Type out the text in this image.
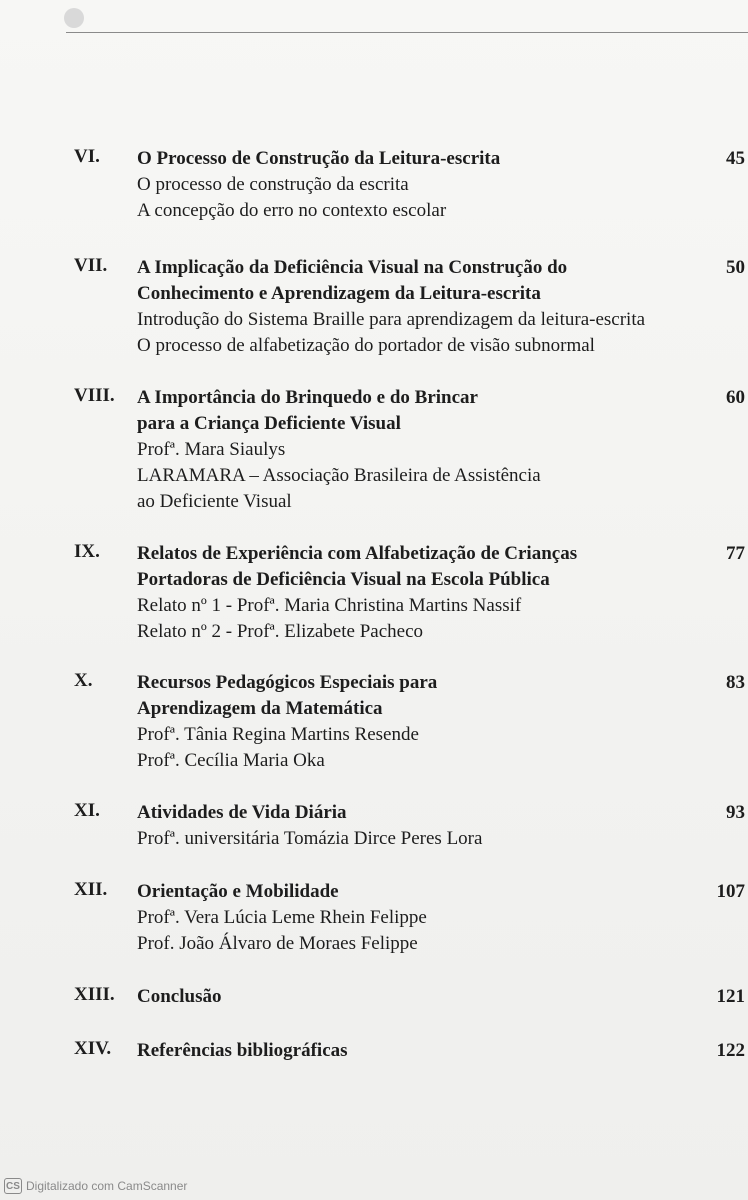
VI. O Processo de Construção da Leitura-escrita
O processo de construção da escrita
A concepção do erro no contexto escolar
45
VII. A Implicação da Deficiência Visual na Construção do
Conhecimento e Aprendizagem da Leitura-escrita
Introdução do Sistema Braille para aprendizagem da leitura-escrita
O processo de alfabetização do portador de visão subnormal
50
VIII. A Importância do Brinquedo e do Brincar
para a Criança Deficiente Visual
Profª. Mara Siaulys
LARAMARA – Associação Brasileira de Assistência
ao Deficiente Visual
60
IX. Relatos de Experiência com Alfabetização de Crianças
Portadoras de Deficiência Visual na Escola Pública
Relato nº 1 - Profª. Maria Christina Martins Nassif
Relato nº 2 - Profª. Elizabete Pacheco
77
X. Recursos Pedagógicos Especiais para
Aprendizagem da Matemática
Profª. Tânia Regina Martins Resende
Profª. Cecília Maria Oka
83
XI. Atividades de Vida Diária
Profª. universitária Tomázia Dirce Peres Lora
93
XII. Orientação e Mobilidade
Profª. Vera Lúcia Leme Rhein Felippe
Prof. João Álvaro de Moraes Felippe
107
XIII. Conclusão	121
XIV. Referências bibliográficas	122
CS Digitalizado com CamScanner
